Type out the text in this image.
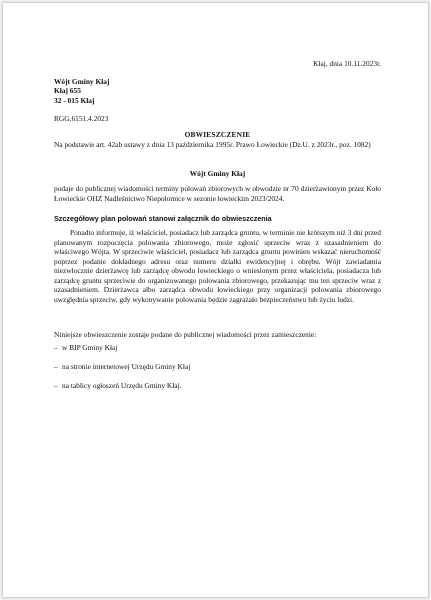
Kłaj, dnia 10.11.2023r.
Wójt Gminy Kłaj
Kłaj 655
32 - 015 Kłaj
RGG.6151.4.2023
OBWIESZCZENIE
Na podstawie art. 42ab ustawy z dnia 13 października 1995r. Prawo Łowieckie (Dz.U. z 2023r., poz. 1082)
Wójt Gminy Kłaj
podaje do publicznej wiadomości terminy polowań zbiorowych w obwodzie nr 70 dzierżawionym przez Koło Łowieckie OHZ Nadleśnictwo Niepołomice w sezonie łowieckim 2023/2024.
Szczegółowy plan polowań stanowi załącznik do obwieszczenia
Ponadto informuje, iż właściciel, posiadacz lub zarządca gruntu, w terminie nie krótszym niż 3 dni przed planowanym rozpoczęcia polowania zbiorowego, może zgłosić sprzeciw wraz z uzasadnieniem do właściwego Wójta. W sprzeciwie właściciel, posiadacz lub zarządca gruntu powinien wskazać nieruchomość poprzez podanie dokładnego adresu oraz numeru działki ewidencyjnej i obrębu. Wójt zawiadamia niezwłocznie dzierżawcę lub zarządcę obwodu łowieckiego o wniesionym przez właściciela, posiadacza lub zarządcę gruntu sprzeciwie do organizowanego polowania zbiorowego, przekazując mu ten sprzeciw wraz z uzasadnieniem. Dzierżawca albo zarządca obwodu łowieckiego przy organizacji polowania zbiorowego uwzględnia sprzeciw, gdy wykonywanie polowania będzie zagrażało bezpieczeństwu lub życiu ludzi.
Niniejsze obwieszczenie zostaje podane do publicznej wiadomości przez zamieszczenie:
– w BIP Gminy Kłaj
– na stronie internetowej Urzędu Gminy Kłaj
– na tablicy ogłoszeń Urzędu Gminy Kłaj.
